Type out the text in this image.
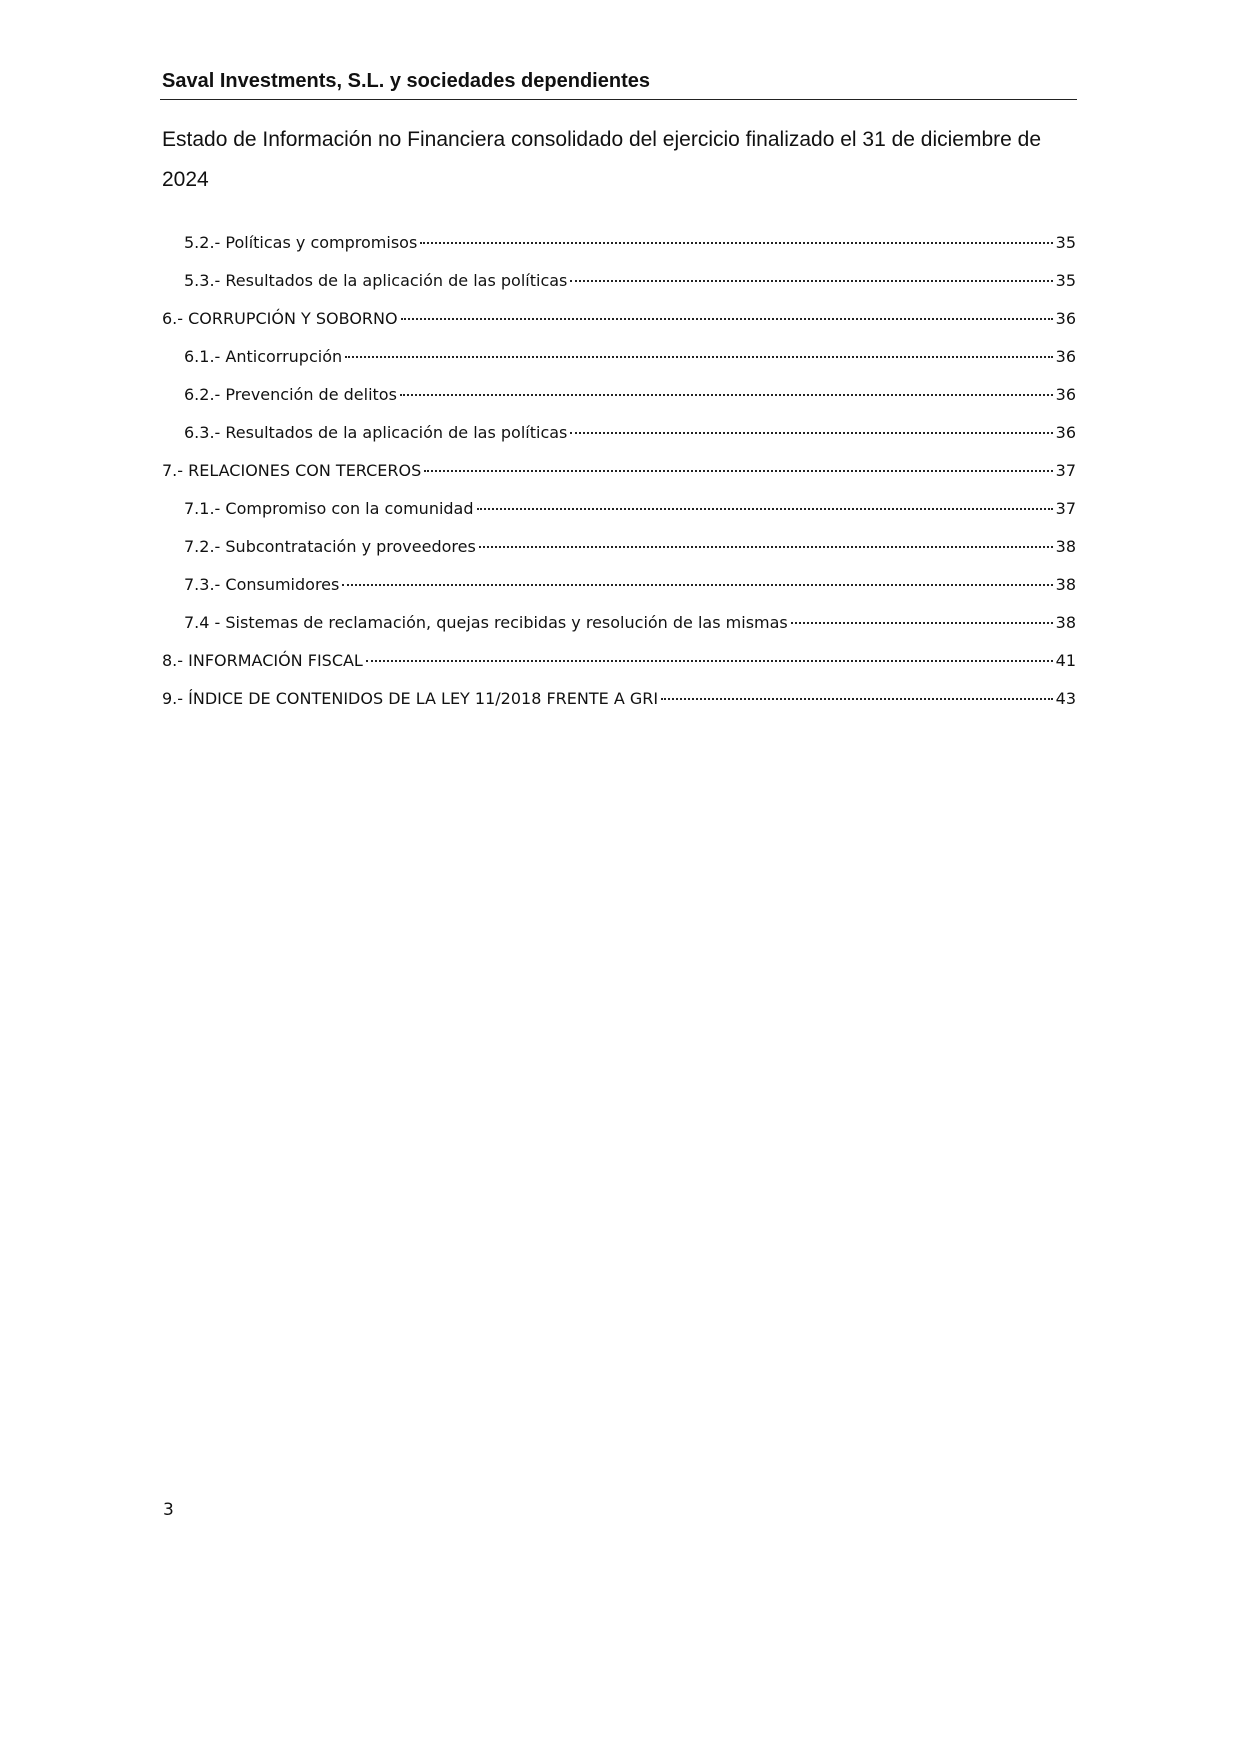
Saval Investments, S.L. y sociedades dependientes
Estado de Información no Financiera consolidado del ejercicio finalizado el 31 de diciembre de 2024
5.2.- Políticas y compromisos	35
5.3.- Resultados de la aplicación de las políticas	35
6.- CORRUPCIÓN Y SOBORNO	36
6.1.- Anticorrupción	36
6.2.- Prevención de delitos	36
6.3.- Resultados de la aplicación de las políticas	36
7.- RELACIONES CON TERCEROS	37
7.1.- Compromiso con la comunidad	37
7.2.- Subcontratación y proveedores	38
7.3.- Consumidores	38
7.4 - Sistemas de reclamación, quejas recibidas y resolución de las mismas	38
8.- INFORMACIÓN FISCAL	41
9.- ÍNDICE DE CONTENIDOS DE LA LEY 11/2018 FRENTE A GRI	43
3
